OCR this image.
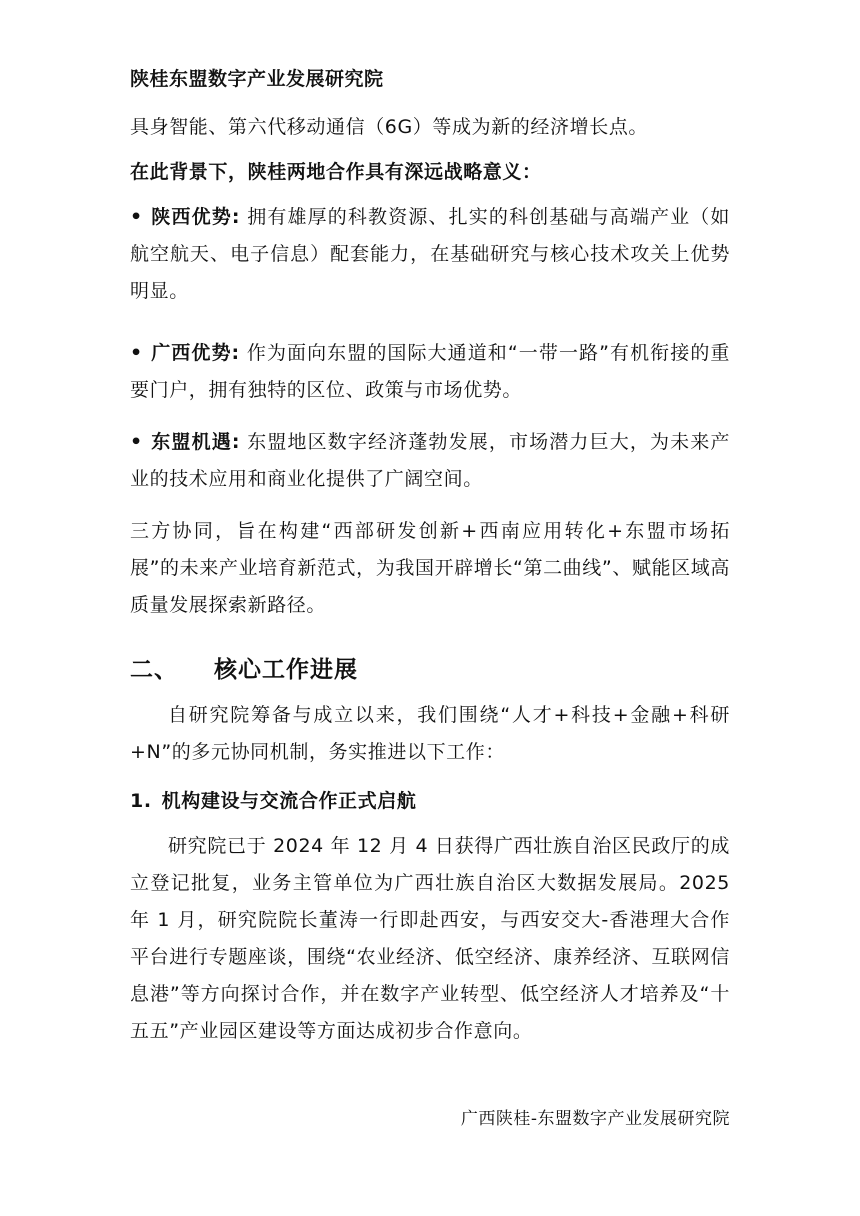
陕桂东盟数字产业发展研究院
具身智能、第六代移动通信（6G）等成为新的经济增长点。
在此背景下，陕桂两地合作具有深远战略意义：
• 陕西优势: 拥有雄厚的科教资源、扎实的科创基础与高端产业（如航空航天、电子信息）配套能力，在基础研究与核心技术攻关上优势明显。
• 广西优势: 作为面向东盟的国际大通道和“一带一路”有机衔接的重要门户，拥有独特的区位、政策与市场优势。
• 东盟机遇: 东盟地区数字经济蓬勃发展，市场潜力巨大，为未来产业的技术应用和商业化提供了广阔空间。
三方协同，旨在构建“西部研发创新+西南应用转化+东盟市场拓展”的未来产业培育新范式，为我国开辟增长“第二曲线”、赋能区域高质量发展探索新路径。
二、 核心工作进展
自研究院筹备与成立以来，我们围绕“人才+科技+金融+科研+N”的多元协同机制，务实推进以下工作：
1. 机构建设与交流合作正式启航
研究院已于 2024 年 12 月 4 日获得广西壮族自治区民政厅的成立登记批复，业务主管单位为广西壮族自治区大数据发展局。2025 年 1 月，研究院院长董涛一行即赴西安，与西安交大-香港理大合作平台进行专题座谈，围绕“农业经济、低空经济、康养经济、互联网信息港”等方向探讨合作，并在数字产业转型、低空经济人才培养及“十五五”产业园区建设等方面达成初步合作意向。
广西陕桂-东盟数字产业发展研究院
